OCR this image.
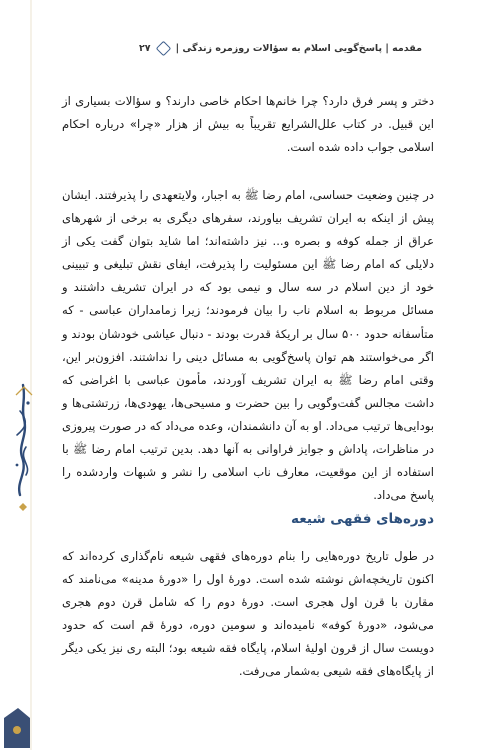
مقدمه | پاسخ‌گویی اسلام به سؤالات روزمره زندگی |
۲۷

دختر و پسر فرق دارد؟ چرا خانم‌ها احکام خاصی دارند؟ و سؤالات بسیاری از این قبیل. در کتاب علل‌الشرایع تقریباً به بیش از هزار «چرا» درباره احکام اسلامی جواب داده شده است.

در چنین وضعیت حساسی، امام رضا ﷺ به اجبار، ولایتعهدی را پذیرفتند. ایشان پیش از اینکه به ایران تشریف بیاورند، سفرهای دیگری به برخی از شهرهای عراق از جمله کوفه و بصره و... نیز داشته‌اند؛ اما شاید بتوان گفت یکی از دلایلی که امام رضا ﷺ این مسئولیت را پذیرفت، ایفای نقش تبلیغی و تبیینی خود از دین اسلام در سه سال و نیمی بود که در ایران تشریف داشتند و مسائل مربوط به اسلام ناب را بیان فرمودند؛ زیرا زمامداران عباسی - که متأسفانه حدود ۵۰۰ سال بر اریکهٔ قدرت بودند - دنبال عیاشی خودشان بودند و اگر می‌خواستند هم توان پاسخ‌گویی به مسائل دینی را نداشتند. افزون‌بر این، وقتی امام رضا ﷺ به ایران تشریف آوردند، مأمون عباسی با اغراضی که داشت مجالس گفت‌وگویی را بین حضرت و مسیحی‌ها، یهودی‌ها، زرتشتی‌ها و بودایی‌ها ترتیب می‌داد. او به آن دانشمندان، وعده می‌داد که در صورت پیروزی در مناظرات، پاداش و جوایز فراوانی به آنها دهد. بدین ترتیب امام رضا ﷺ با استفاده از این موقعیت، معارف ناب اسلامی را نشر و شبهات واردشده را پاسخ می‌داد.

دوره‌های فقهی شیعه

در طول تاریخ دوره‌هایی را بنام دوره‌های فقهی شیعه نام‌گذاری کرده‌اند که اکنون تاریخچه‌اش نوشته شده است. دورهٔ اول را «دورهٔ مدینه» می‌نامند که مقارن با قرن اول هجری است. دورهٔ دوم را که شامل قرن دوم هجری می‌شود، «دورهٔ کوفه» نامیده‌اند و سومین دوره، دورهٔ قم است که حدود دویست سال از قرون اولیهٔ اسلام، پایگاه فقه شیعه بود؛ البته ری نیز یکی دیگر از پایگاه‌های فقه شیعی به‌شمار می‌رفت.
